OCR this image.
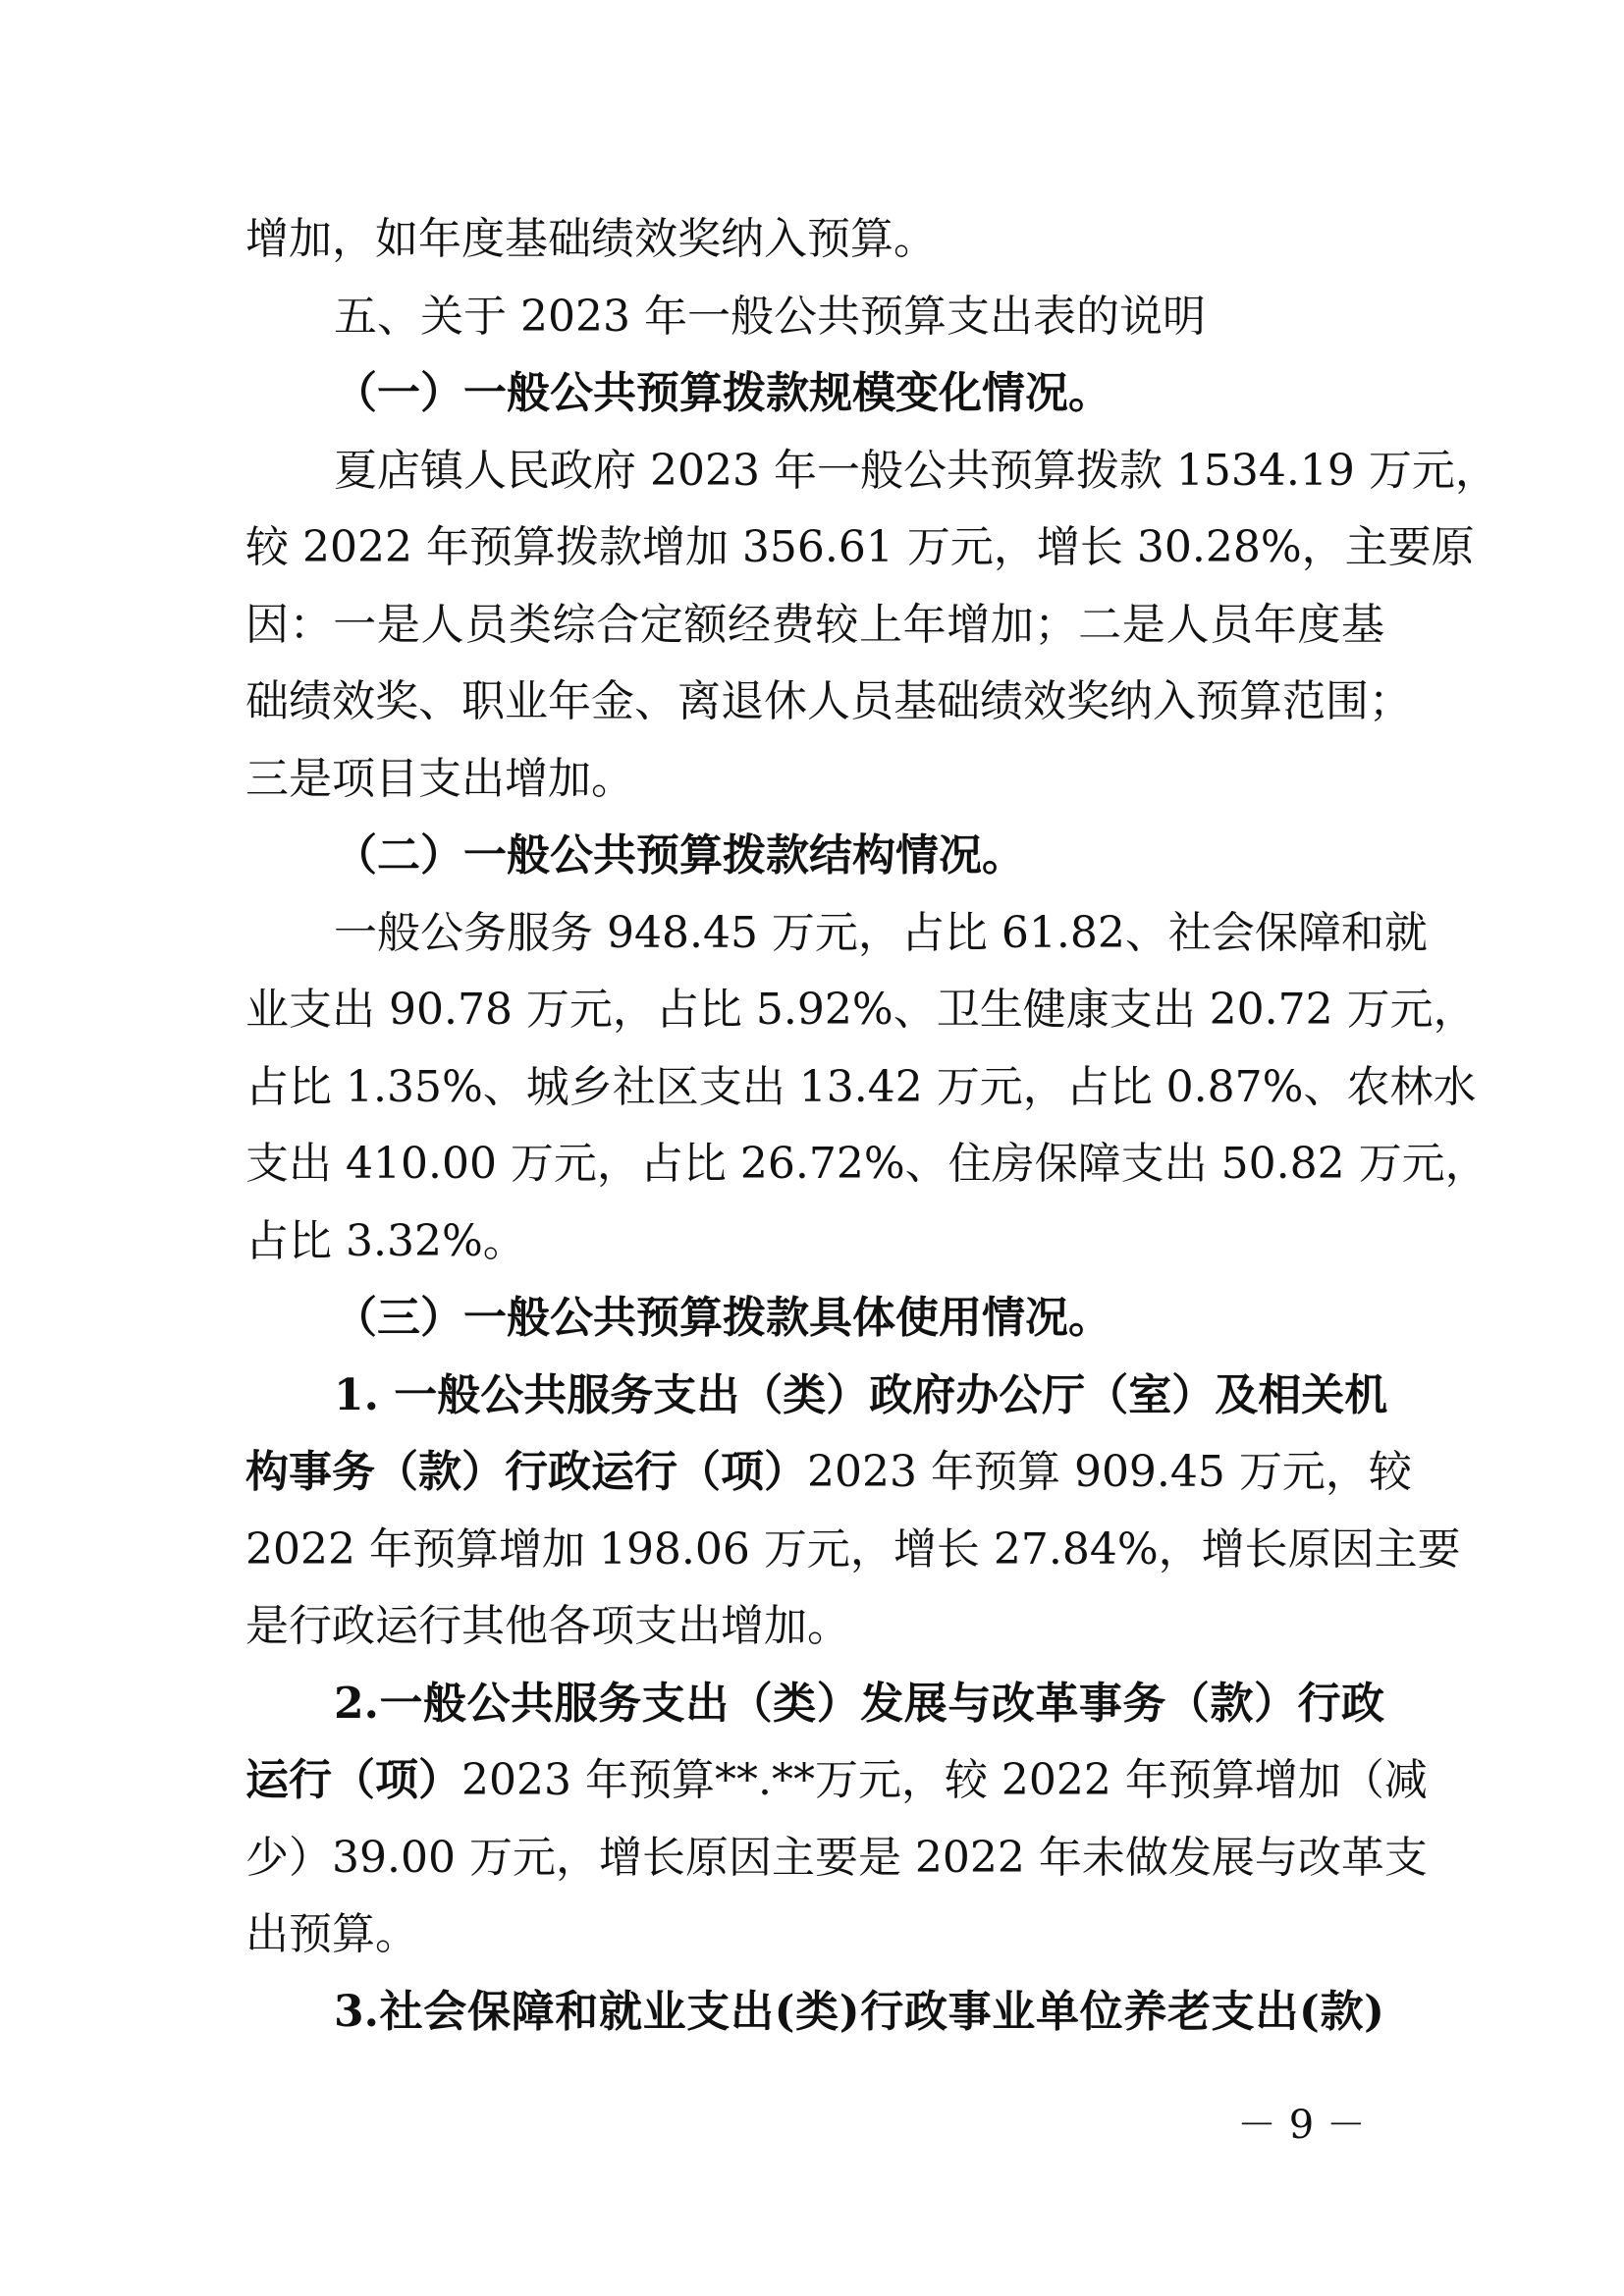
增加，如年度基础绩效奖纳入预算。
五、关于 2023 年一般公共预算支出表的说明
（一）一般公共预算拨款规模变化情况。
夏店镇人民政府 2023 年一般公共预算拨款 1534.19 万元，
较 2022 年预算拨款增加 356.61 万元，增长 30.28%，主要原
因：一是人员类综合定额经费较上年增加；二是人员年度基
础绩效奖、职业年金、离退休人员基础绩效奖纳入预算范围；
三是项目支出增加。
（二）一般公共预算拨款结构情况。
一般公务服务 948.45 万元，占比 61.82、社会保障和就
业支出 90.78 万元，占比 5.92%、卫生健康支出 20.72 万元，
占比 1.35%、城乡社区支出 13.42 万元，占比 0.87%、农林水
支出 410.00 万元，占比 26.72%、住房保障支出 50.82 万元，
占比 3.32%。
（三）一般公共预算拨款具体使用情况。
1. 一般公共服务支出（类）政府办公厅（室）及相关机
构事务（款）行政运行（项）2023 年预算 909.45 万元，较
2022 年预算增加 198.06 万元，增长 27.84%，增长原因主要
是行政运行其他各项支出增加。
2.一般公共服务支出（类）发展与改革事务（款）行政
运行（项）2023 年预算**.**万元，较 2022 年预算增加（减
少）39.00 万元，增长原因主要是 2022 年未做发展与改革支
出预算。
3.社会保障和就业支出(类)行政事业单位养老支出(款)
－ 9 －
